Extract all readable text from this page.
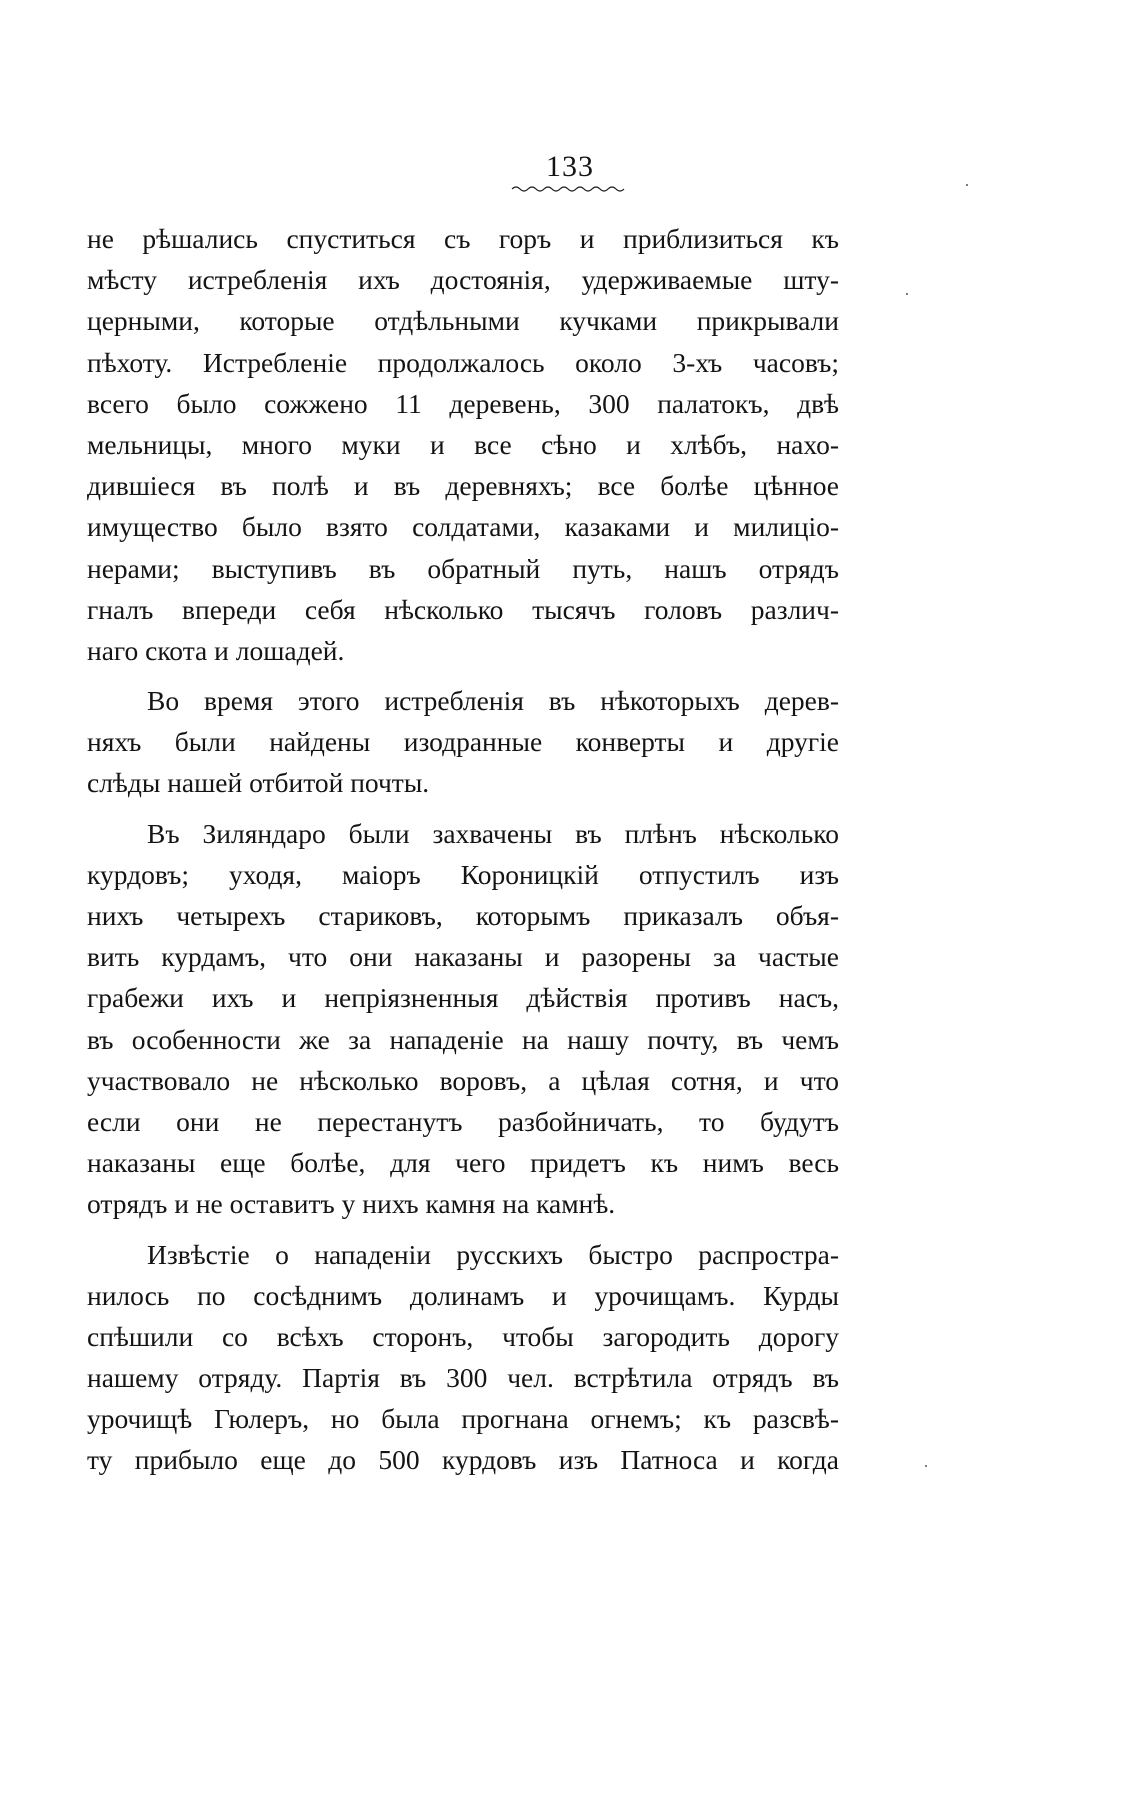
133
не рѣшались спуститься съ горъ и приблизиться къ
мѣсту истребленія ихъ достоянія, удерживаемые шту-
церными, которые отдѣльными кучками прикрывали
пѣхоту. Истребленіе продолжалось около 3-хъ часовъ;
всего было сожжено 11 деревень, 300 палатокъ, двѣ
мельницы, много муки и все сѣно и хлѣбъ, нахо-
дившіеся въ полѣ и въ деревняхъ; все болѣе цѣнное
имущество было взято солдатами, казаками и милиціо-
нерами; выступивъ въ обратный путь, нашъ отрядъ
гналъ впереди себя нѣсколько тысячъ головъ различ-
наго скота и лошадей.
Во время этого истребленія въ нѣкоторыхъ дерев-
няхъ были найдены изодранные конверты и другіе
слѣды нашей отбитой почты.
Въ Зиляндаро были захвачены въ плѣнъ нѣсколько
курдовъ; уходя, маіоръ Короницкій отпустилъ изъ
нихъ четырехъ стариковъ, которымъ приказалъ объя-
вить курдамъ, что они наказаны и разорены за частые
грабежи ихъ и непріязненныя дѣйствія противъ насъ,
въ особенности же за нападеніе на нашу почту, въ чемъ
участвовало не нѣсколько воровъ, а цѣлая сотня, и что
если они не перестанутъ разбойничать, то будутъ
наказаны еще болѣе, для чего придетъ къ нимъ весь
отрядъ и не оставитъ у нихъ камня на камнѣ.
Извѣстіе о нападеніи русскихъ быстро распростра-
нилось по сосѣднимъ долинамъ и урочищамъ. Курды
спѣшили со всѣхъ сторонъ, чтобы загородить дорогу
нашему отряду. Партія въ 300 чел. встрѣтила отрядъ въ
урочищѣ Гюлеръ, но была прогнана огнемъ; къ разсвѣ-
ту прибыло еще до 500 курдовъ изъ Патноса и когда
